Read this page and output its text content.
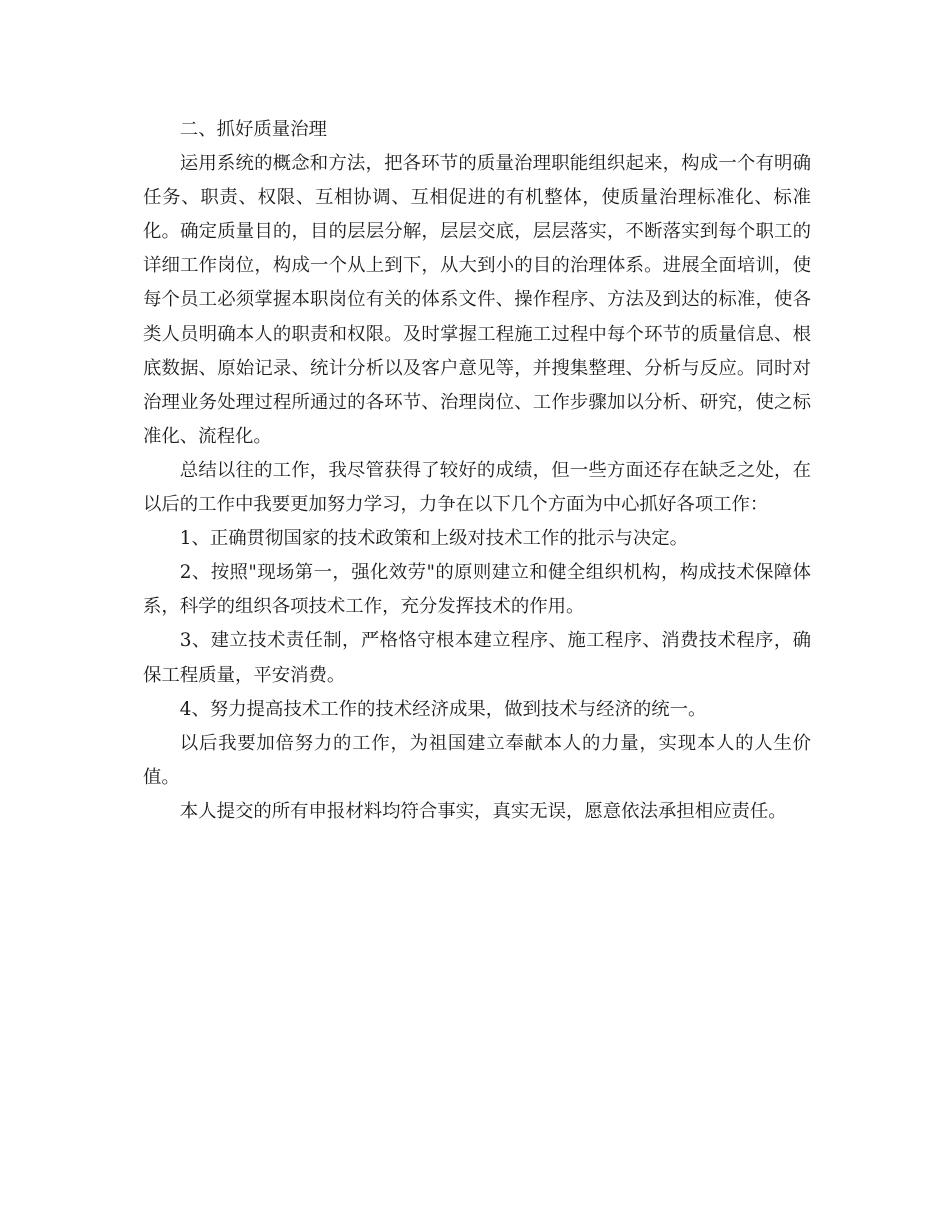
二、抓好质量治理

运用系统的概念和方法，把各环节的质量治理职能组织起来，构成一个有明确任务、职责、权限、互相协调、互相促进的有机整体，使质量治理标准化、标准化。确定质量目的，目的层层分解，层层交底，层层落实，不断落实到每个职工的详细工作岗位，构成一个从上到下，从大到小的目的治理体系。进展全面培训，使每个员工必须掌握本职岗位有关的体系文件、操作程序、方法及到达的标准，使各类人员明确本人的职责和权限。及时掌握工程施工过程中每个环节的质量信息、根底数据、原始记录、统计分析以及客户意见等，并搜集整理、分析与反应。同时对治理业务处理过程所通过的各环节、治理岗位、工作步骤加以分析、研究，使之标准化、流程化。

总结以往的工作，我尽管获得了较好的成绩，但一些方面还存在缺乏之处，在以后的工作中我要更加努力学习，力争在以下几个方面为中心抓好各项工作：

1、正确贯彻国家的技术政策和上级对技术工作的批示与决定。

2、按照"现场第一，强化效劳"的原则建立和健全组织机构，构成技术保障体系，科学的组织各项技术工作，充分发挥技术的作用。

3、建立技术责任制，严格恪守根本建立程序、施工程序、消费技术程序，确保工程质量，平安消费。

4、努力提高技术工作的技术经济成果，做到技术与经济的统一。

以后我要加倍努力的工作，为祖国建立奉献本人的力量，实现本人的人生价值。

本人提交的所有申报材料均符合事实，真实无误，愿意依法承担相应责任。
